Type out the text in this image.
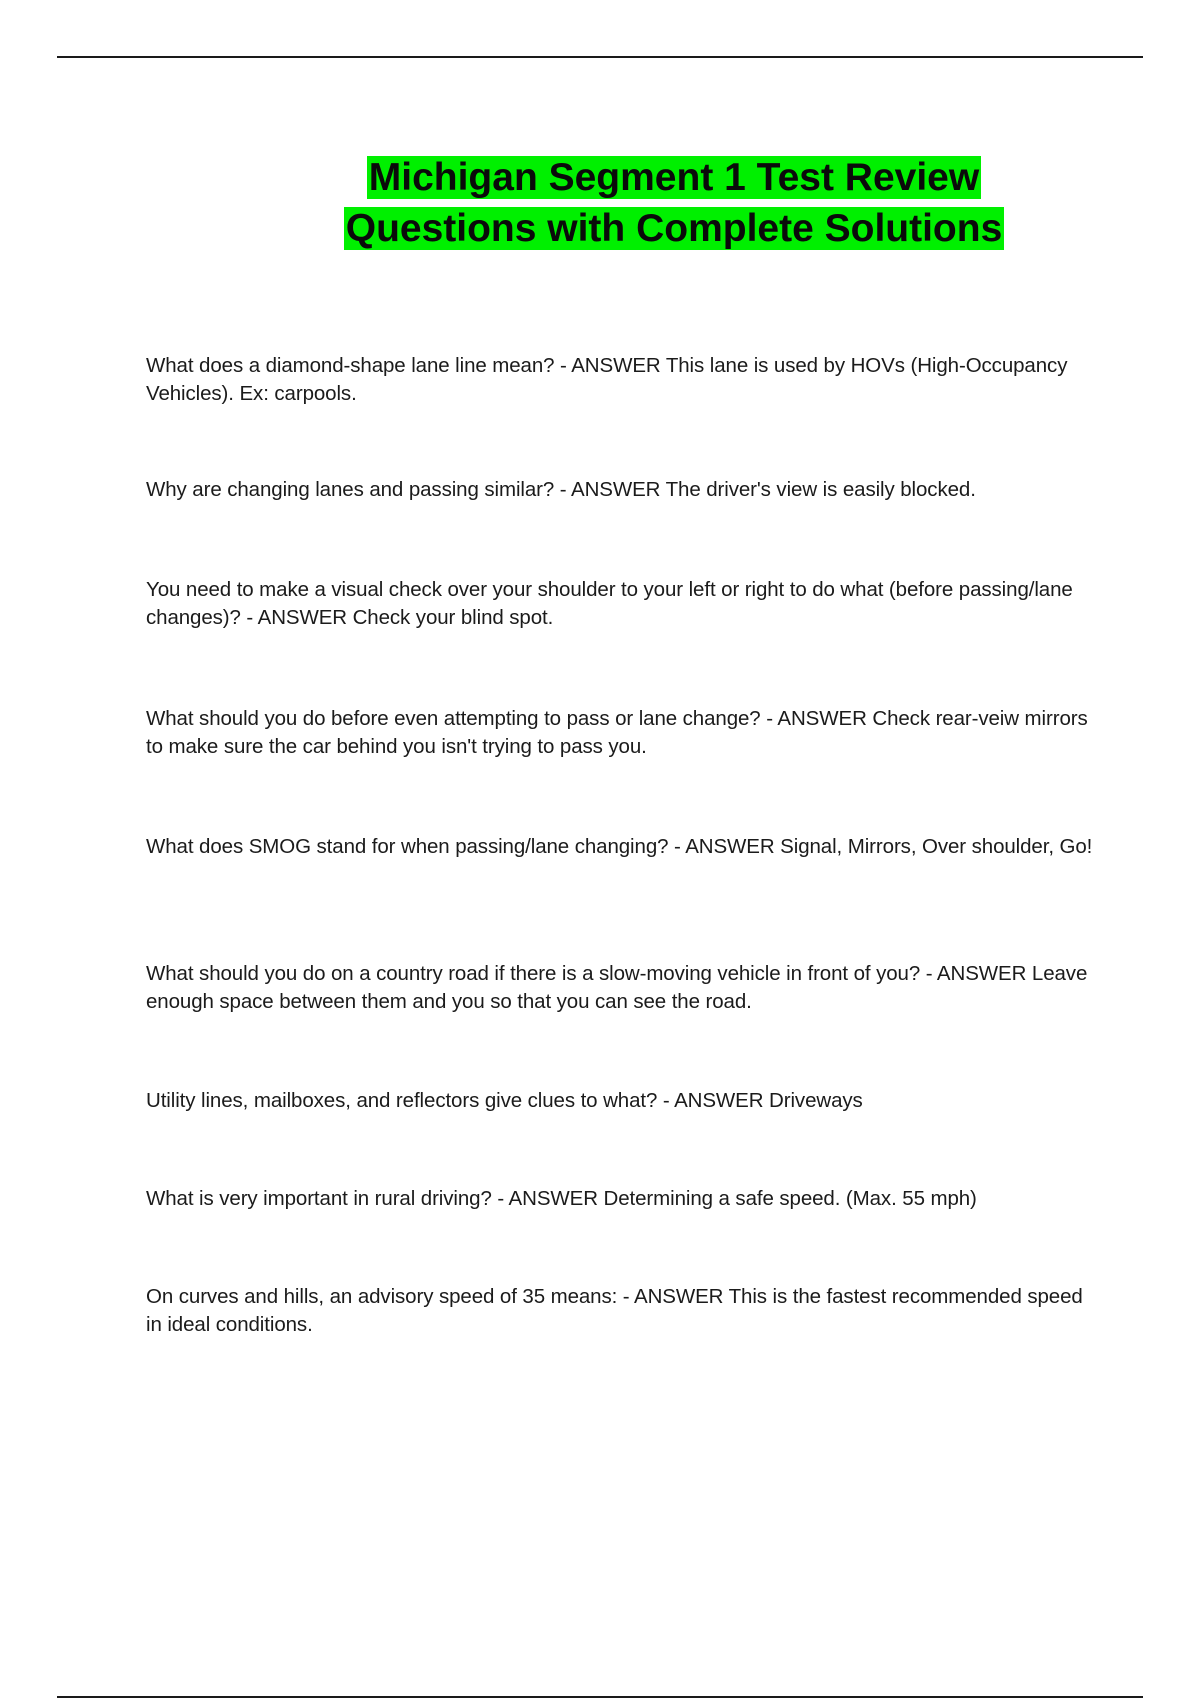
Michigan Segment 1 Test Review
Questions with Complete Solutions
What does a diamond-shape lane line mean? - ANSWER This lane is used by HOVs (High-Occupancy Vehicles). Ex: carpools.
Why are changing lanes and passing similar? - ANSWER The driver's view is easily blocked.
You need to make a visual check over your shoulder to your left or right to do what (before passing/lane changes)? - ANSWER Check your blind spot.
What should you do before even attempting to pass or lane change? - ANSWER Check rear-veiw mirrors to make sure the car behind you isn't trying to pass you.
What does SMOG stand for when passing/lane changing? - ANSWER Signal, Mirrors, Over shoulder, Go!
What should you do on a country road if there is a slow-moving vehicle in front of you? - ANSWER Leave enough space between them and you so that you can see the road.
Utility lines, mailboxes, and reflectors give clues to what? - ANSWER Driveways
What is very important in rural driving? - ANSWER Determining a safe speed. (Max. 55 mph)
On curves and hills, an advisory speed of 35 means: - ANSWER This is the fastest recommended speed in ideal conditions.
